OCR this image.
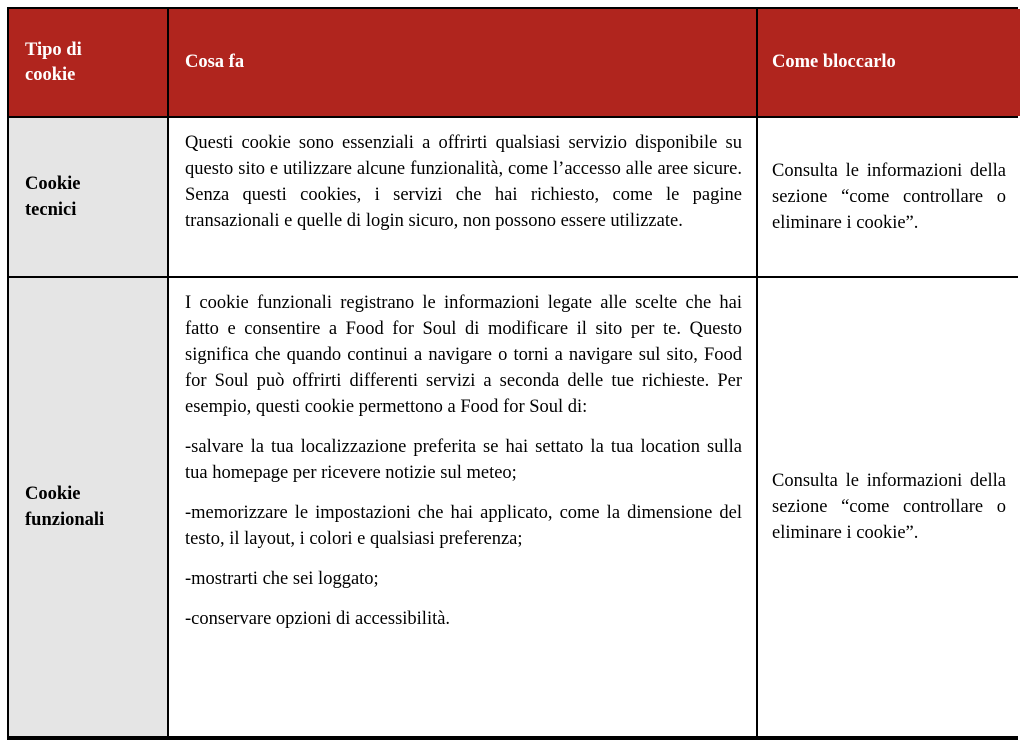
Tipo di cookie
Cosa fa	Come bloccarlo
Cookie tecnici

Questi cookie sono essenziali a offrirti qualsiasi servizio disponibile su questo sito e utilizzare alcune funzionalità, come l’accesso alle aree sicure. Senza questi cookies, i servizi che hai richiesto, come le pagine transazionali e quelle di login sicuro, non possono essere utilizzate.

Consulta le informazioni della sezione “come controllare o eliminare i cookie”.
Cookie funzionali

I cookie funzionali registrano le informazioni legate alle scelte che hai fatto e consentire a Food for Soul di modificare il sito per te. Questo significa che quando continui a navigare o torni a navigare sul sito, Food for Soul può offrirti differenti servizi a seconda delle tue richieste. Per esempio, questi cookie permettono a Food for Soul di:

-salvare la tua localizzazione preferita se hai settato la tua location sulla tua homepage per ricevere notizie sul meteo;

-memorizzare le impostazioni che hai applicato, come la dimensione del testo, il layout, i colori e qualsiasi preferenza;

-mostrarti che sei loggato;

-conservare opzioni di accessibilità.

Consulta le informazioni della sezione “come controllare o eliminare i cookie”.
